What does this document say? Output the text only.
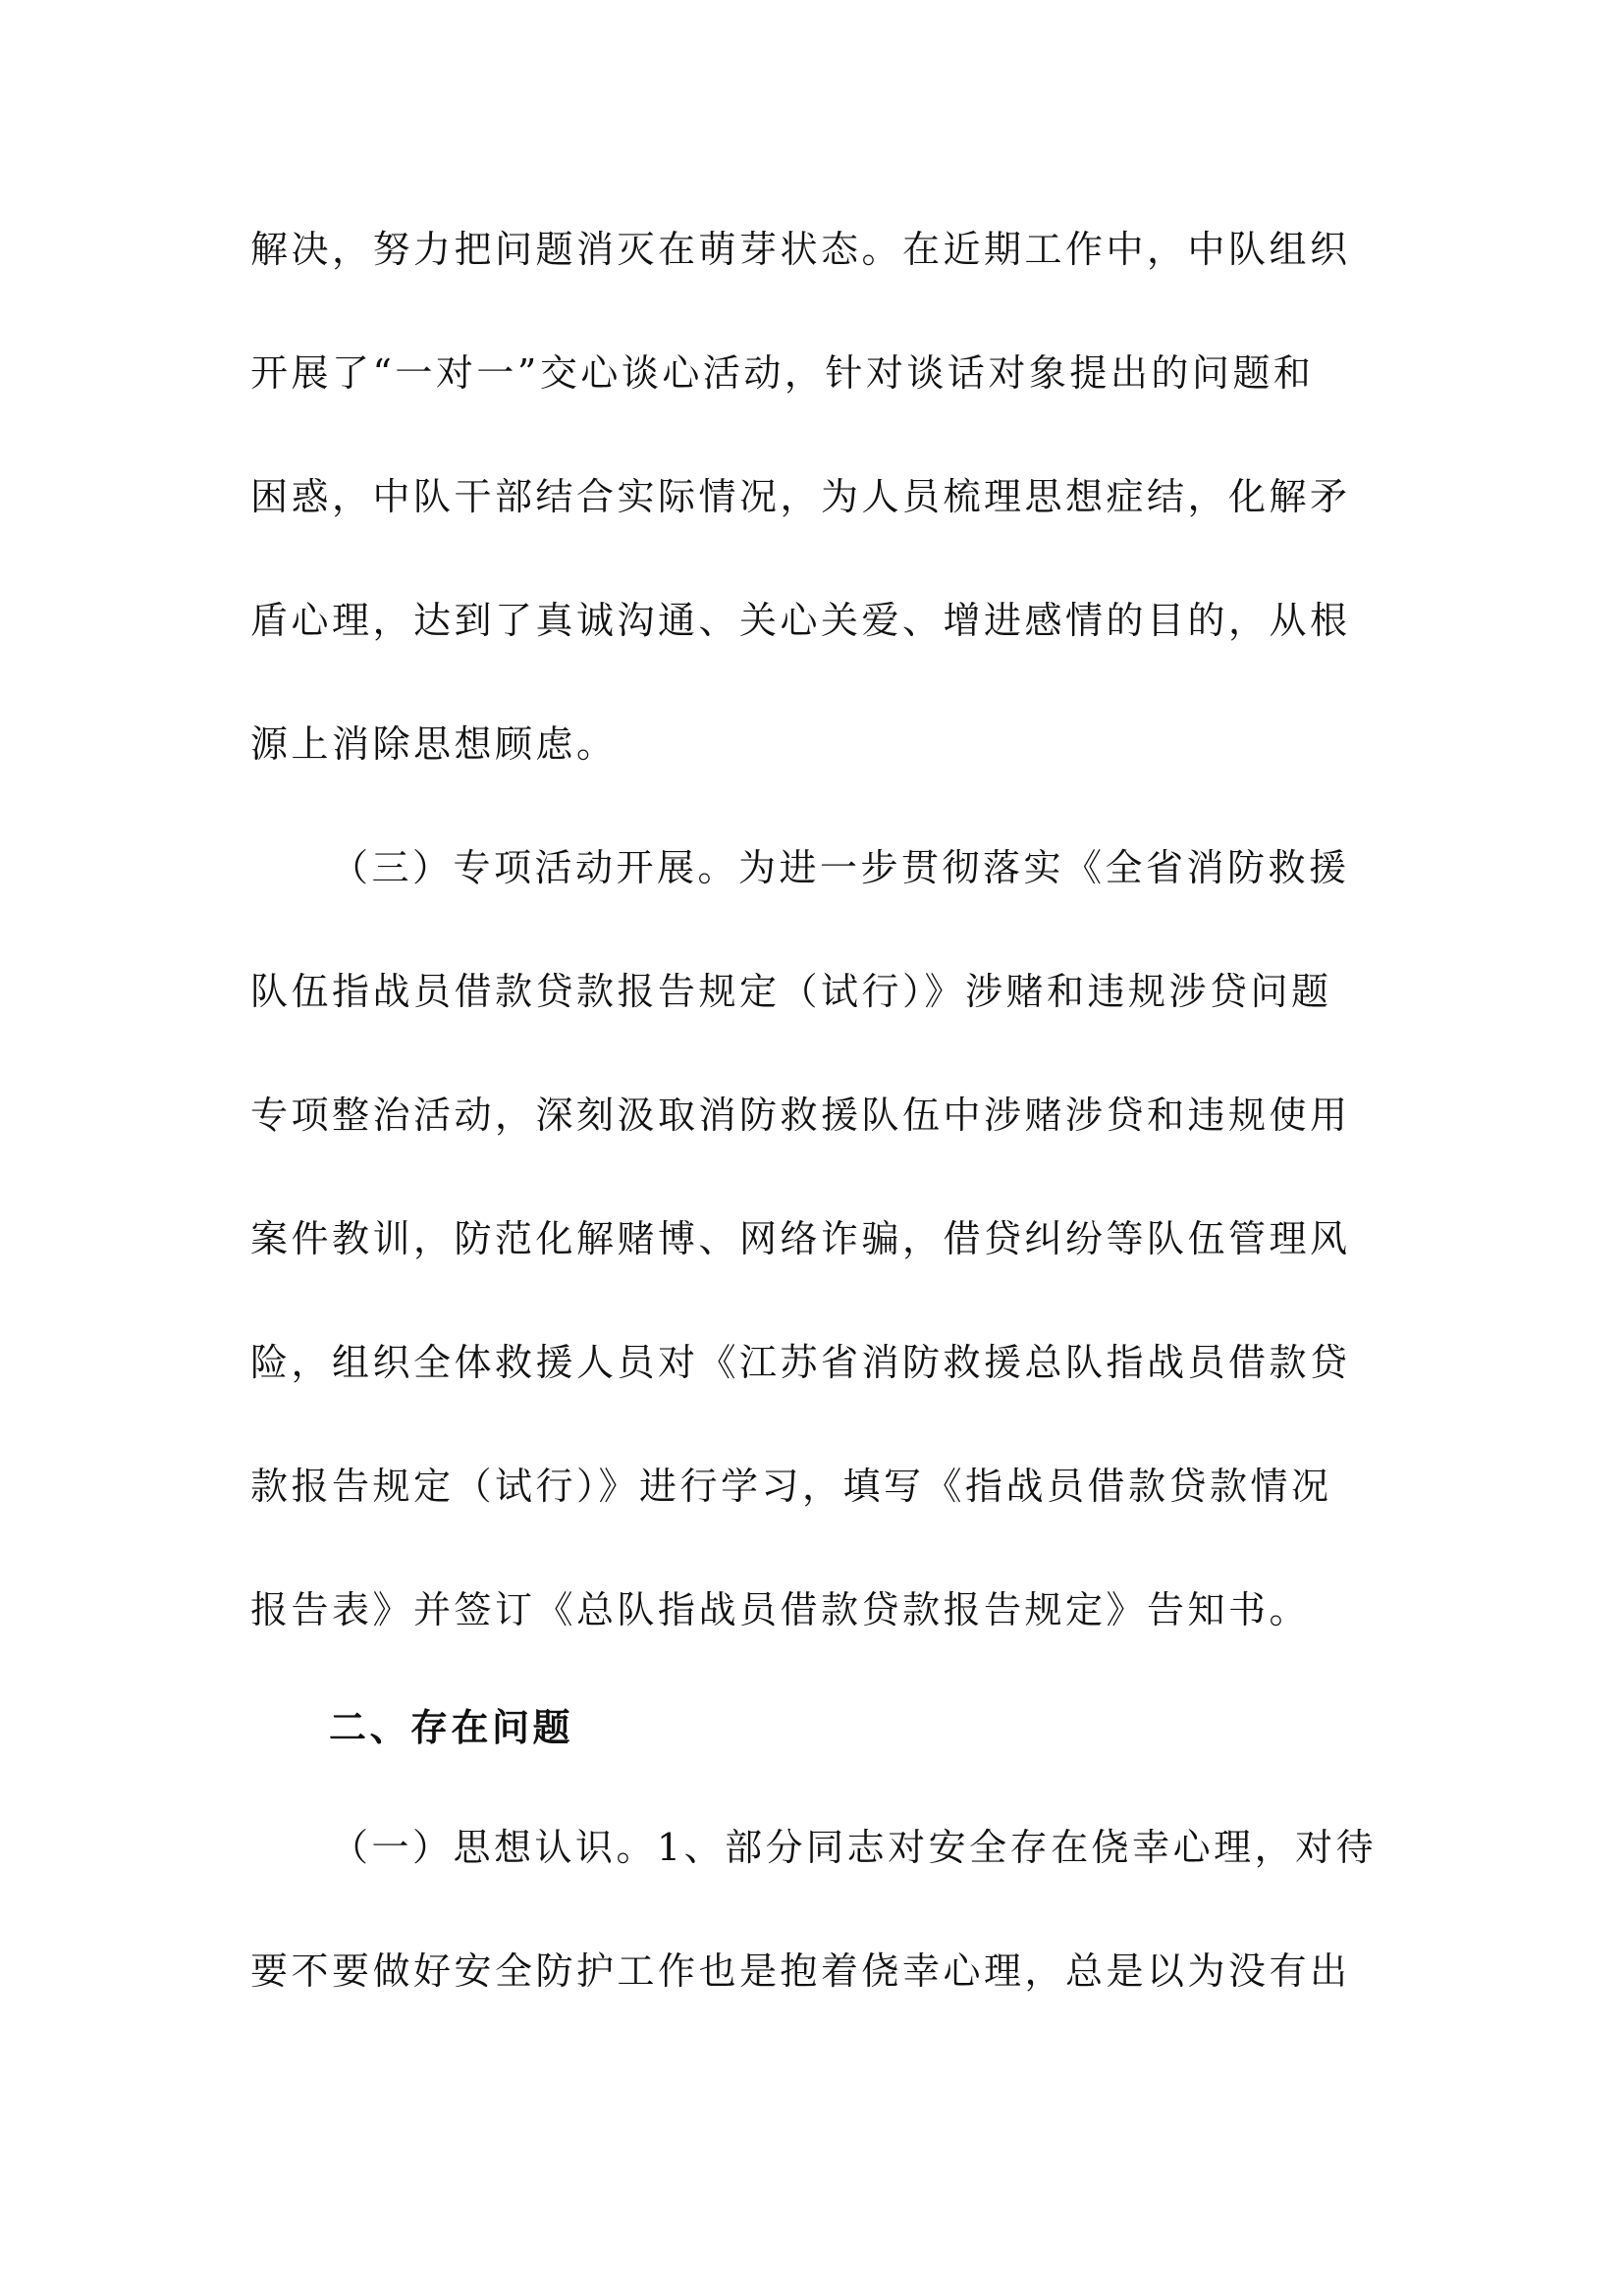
解决，努力把问题消灭在萌芽状态。在近期工作中，中队组织
开展了“一对一”交心谈心活动，针对谈话对象提出的问题和
困惑，中队干部结合实际情况，为人员梳理思想症结，化解矛
盾心理，达到了真诚沟通、关心关爱、增进感情的目的，从根
源上消除思想顾虑。
（三）专项活动开展。为进一步贯彻落实《全省消防救援
队伍指战员借款贷款报告规定（试行）》涉赌和违规涉贷问题
专项整治活动，深刻汲取消防救援队伍中涉赌涉贷和违规使用
案件教训，防范化解赌博、网络诈骗，借贷纠纷等队伍管理风
险，组织全体救援人员对《江苏省消防救援总队指战员借款贷
款报告规定（试行）》进行学习，填写《指战员借款贷款情况
报告表》并签订《总队指战员借款贷款报告规定》告知书。
二、存在问题
（一）思想认识。1、部分同志对安全存在侥幸心理，对待
要不要做好安全防护工作也是抱着侥幸心理，总是以为没有出
